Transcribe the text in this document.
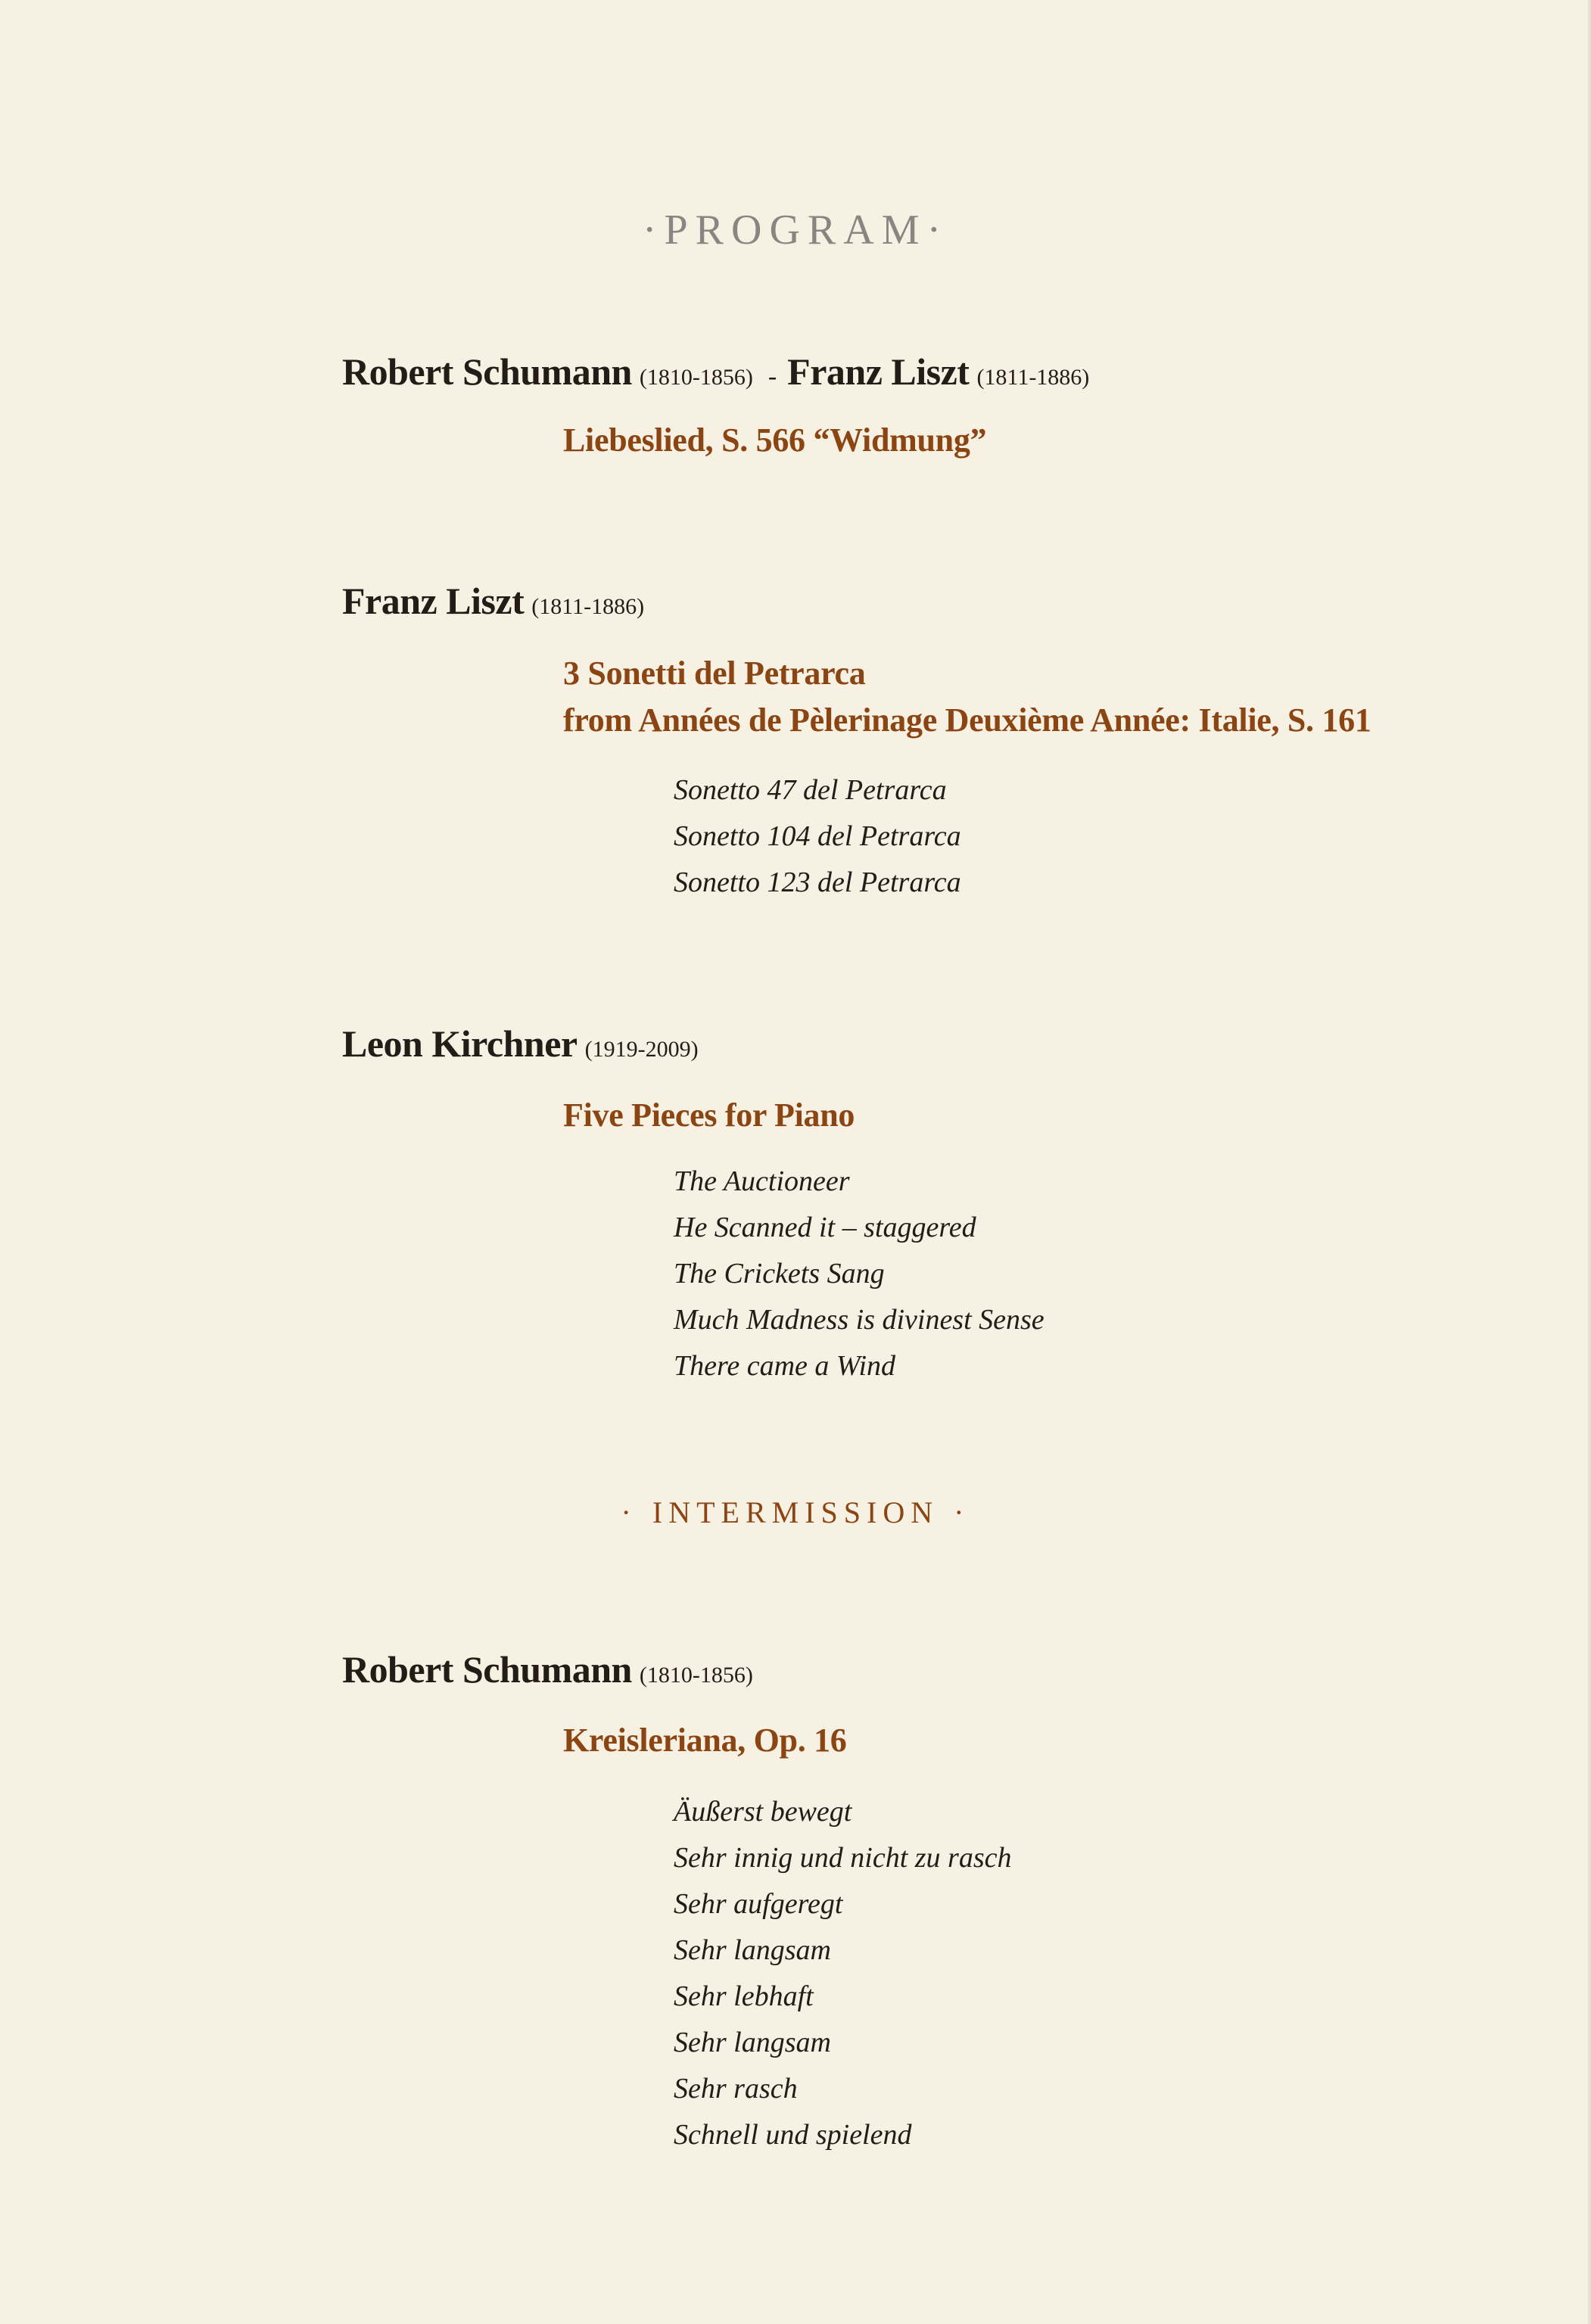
·PROGRAM·
Robert Schumann (1810-1856) - Franz Liszt (1811-1886)
Liebeslied, S. 566 “Widmung”
Franz Liszt (1811-1886)
3 Sonetti del Petrarca
from Années de Pèlerinage Deuxième Année: Italie, S. 161
Sonetto 47 del Petrarca
Sonetto 104 del Petrarca
Sonetto 123 del Petrarca
Leon Kirchner (1919-2009)
Five Pieces for Piano
The Auctioneer
He Scanned it – staggered
The Crickets Sang
Much Madness is divinest Sense
There came a Wind
· INTERMISSION ·
Robert Schumann (1810-1856)
Kreisleriana, Op. 16
Äußerst bewegt
Sehr innig und nicht zu rasch
Sehr aufgeregt
Sehr langsam
Sehr lebhaft
Sehr langsam
Sehr rasch
Schnell und spielend
